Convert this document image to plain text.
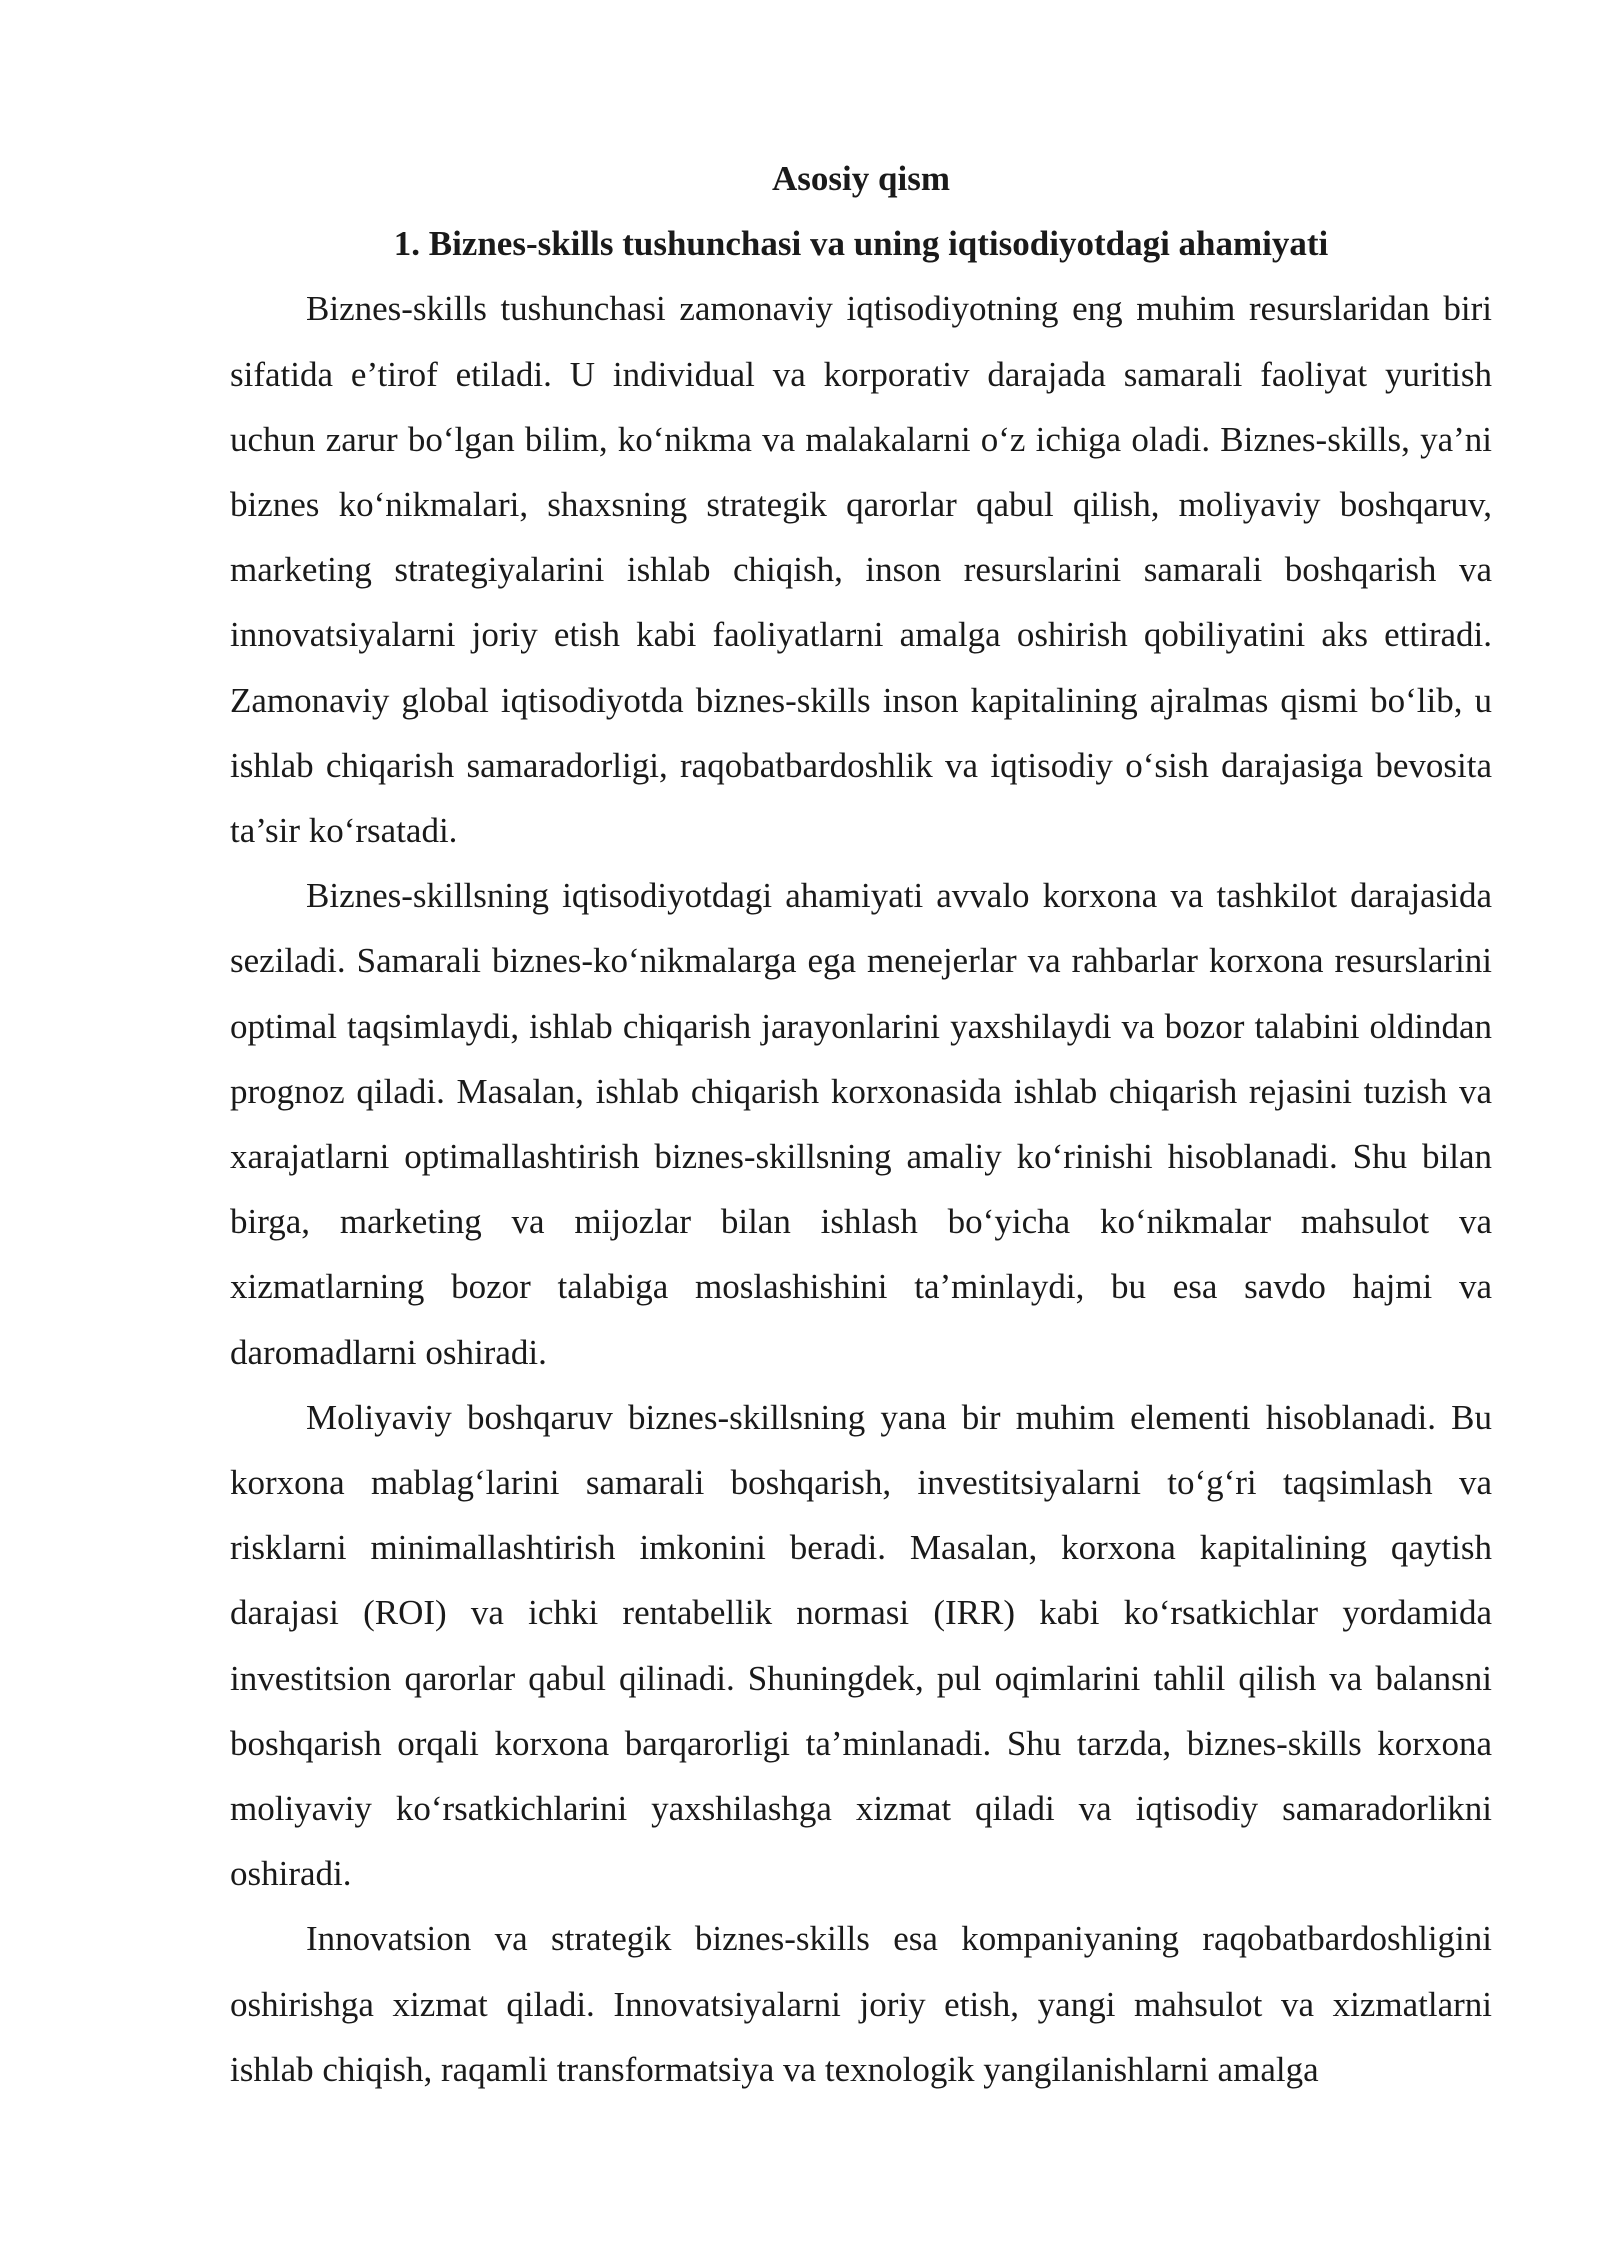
Asosiy qism
1. Biznes-skills tushunchasi va uning iqtisodiyotdagi ahamiyati

Biznes-skills tushunchasi zamonaviy iqtisodiyotning eng muhim resurslaridan biri sifatida e’tirof etiladi. U individual va korporativ darajada samarali faoliyat yuritish uchun zarur bo‘lgan bilim, ko‘nikma va malakalarni o‘z ichiga oladi. Biznes-skills, ya’ni biznes ko‘nikmalari, shaxsning strategik qarorlar qabul qilish, moliyaviy boshqaruv, marketing strategiyalarini ishlab chiqish, inson resurslarini samarali boshqarish va innovatsiyalarni joriy etish kabi faoliyatlarni amalga oshirish qobiliyatini aks ettiradi. Zamonaviy global iqtisodiyotda biznes-skills inson kapitalining ajralmas qismi bo‘lib, u ishlab chiqarish samaradorligi, raqobatbardoshlik va iqtisodiy o‘sish darajasiga bevosita ta’sir ko‘rsatadi.

Biznes-skillsning iqtisodiyotdagi ahamiyati avvalo korxona va tashkilot darajasida seziladi. Samarali biznes-ko‘nikmalarga ega menejerlar va rahbarlar korxona resurslarini optimal taqsimlaydi, ishlab chiqarish jarayonlarini yaxshilaydi va bozor talabini oldindan prognoz qiladi. Masalan, ishlab chiqarish korxonasida ishlab chiqarish rejasini tuzish va xarajatlarni optimallashtirish biznes-skillsning amaliy ko‘rinishi hisoblanadi. Shu bilan birga, marketing va mijozlar bilan ishlash bo‘yicha ko‘nikmalar mahsulot va xizmatlarning bozor talabiga moslashishini ta’minlaydi, bu esa savdo hajmi va daromadlarni oshiradi.

Moliyaviy boshqaruv biznes-skillsning yana bir muhim elementi hisoblanadi. Bu korxona mablag‘larini samarali boshqarish, investitsiyalarni to‘g‘ri taqsimlash va risklarni minimallashtirish imkonini beradi. Masalan, korxona kapitalining qaytish darajasi (ROI) va ichki rentabellik normasi (IRR) kabi ko‘rsatkichlar yordamida investitsion qarorlar qabul qilinadi. Shuningdek, pul oqimlarini tahlil qilish va balansni boshqarish orqali korxona barqarorligi ta’minlanadi. Shu tarzda, biznes-skills korxona moliyaviy ko‘rsatkichlarini yaxshilashga xizmat qiladi va iqtisodiy samaradorlikni oshiradi.

Innovatsion va strategik biznes-skills esa kompaniyaning raqobatbardoshligini oshirishga xizmat qiladi. Innovatsiyalarni joriy etish, yangi mahsulot va xizmatlarni ishlab chiqish, raqamli transformatsiya va texnologik yangilanishlarni amalga
